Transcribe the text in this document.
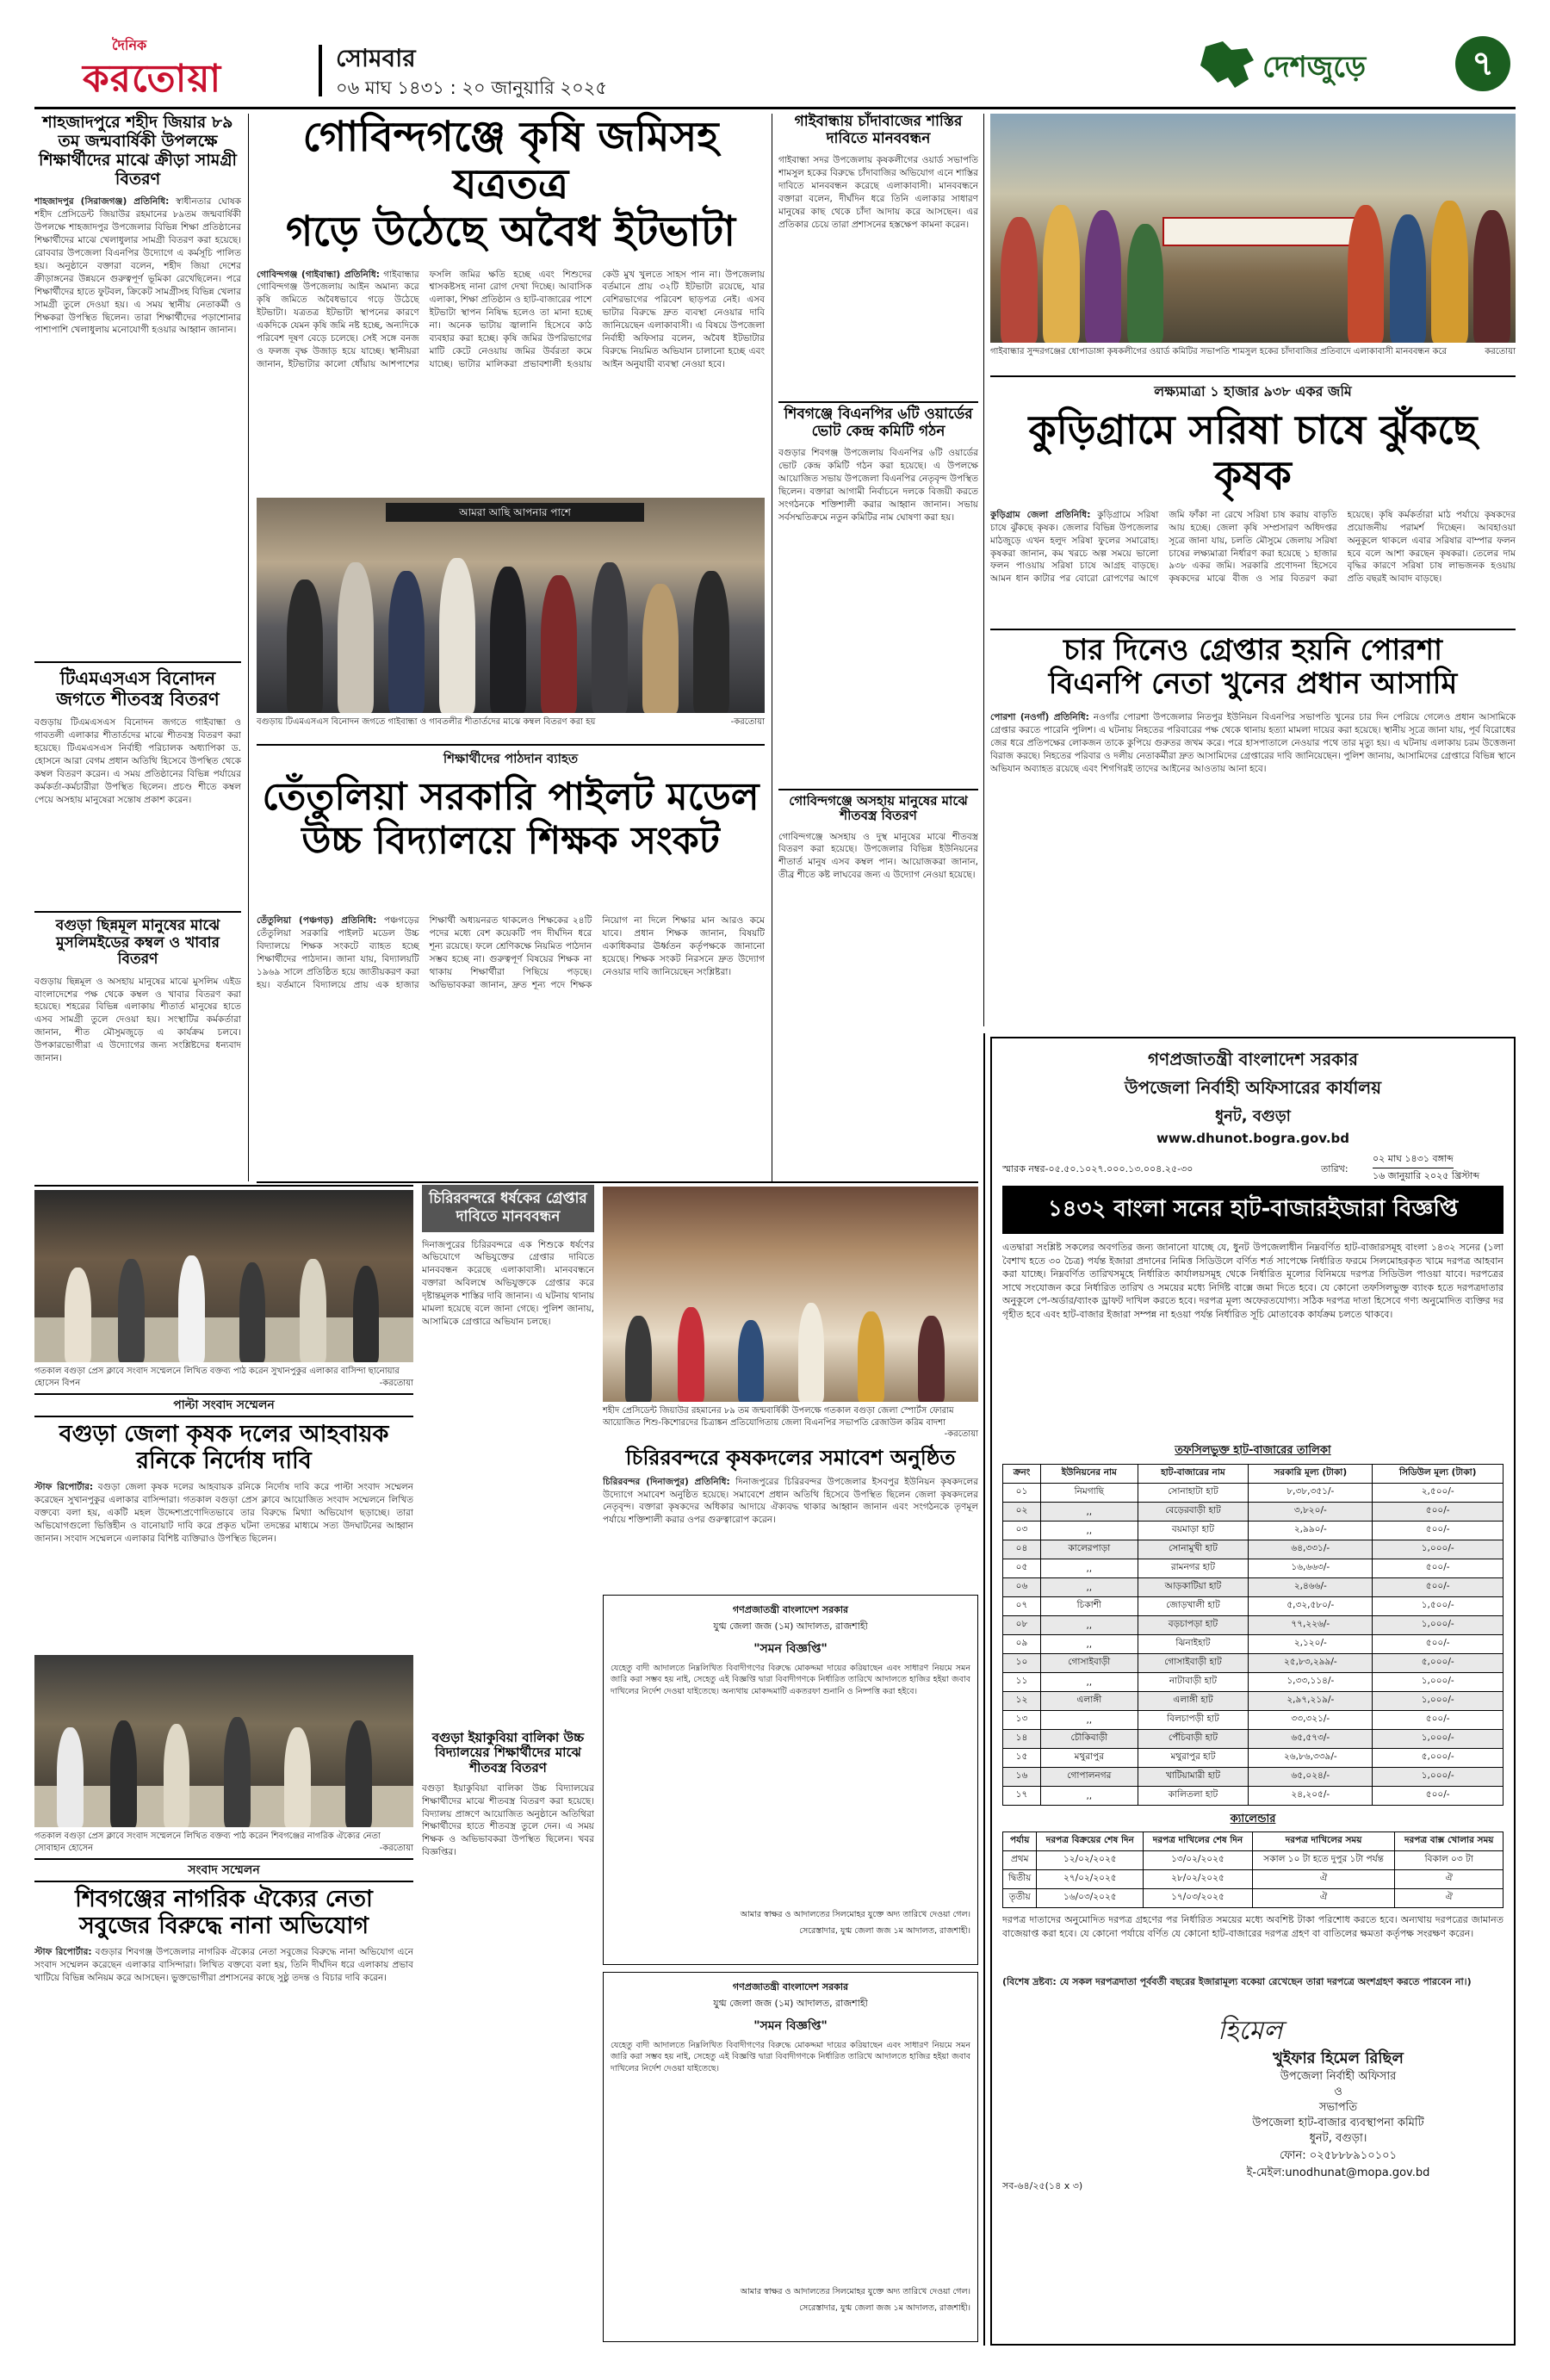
দৈনিক
করতোয়া	সোমবার
০৬ মাঘ ১৪৩১ : ২০ জানুয়ারি ২০২৫
দেশজুড়ে	৭
শাহজাদপুরে শহীদ জিয়ার ৮৯ তম জন্মবার্ষিকী উপলক্ষে শিক্ষার্থীদের মাঝে ক্রীড়া সামগ্রী বিতরণ
শাহজাদপুর (সিরাজগঞ্জ) প্রতিনিধি: স্বাধীনতার ঘোষক শহীদ প্রেসিডেন্ট জিয়াউর রহমানের ৮৯তম জন্মবার্ষিকী উপলক্ষে শাহজাদপুর উপজেলার বিভিন্ন শিক্ষা প্রতিষ্ঠানের শিক্ষার্থীদের মাঝে খেলাধুলার সামগ্রী বিতরণ করা হয়েছে। রোববার উপজেলা বিএনপির উদ্যোগে এ কর্মসূচি পালিত হয়। অনুষ্ঠানে বক্তারা বলেন, শহীদ জিয়া দেশের ক্রীড়াঙ্গনের উন্নয়নে গুরুত্বপূর্ণ ভূমিকা রেখেছিলেন। পরে শিক্ষার্থীদের হাতে ফুটবল, ক্রিকেট সামগ্রীসহ বিভিন্ন খেলার সামগ্রী তুলে দেওয়া হয়। এ সময় স্থানীয় নেতাকর্মী ও শিক্ষকরা উপস্থিত ছিলেন। তারা শিক্ষার্থীদের পড়াশোনার পাশাপাশি খেলাধুলায় মনোযোগী হওয়ার আহ্বান জানান।
টিএমএসএস বিনোদন জগতে শীতবস্ত্র বিতরণ
বগুড়ায় টিএমএসএস বিনোদন জগতে গাইবান্ধা ও গাবতলী এলাকার শীতার্তদের মাঝে শীতবস্ত্র বিতরণ করা হয়েছে। টিএমএসএস নির্বাহী পরিচালক অধ্যাপিকা ড. হোসনে আরা বেগম প্রধান অতিথি হিসেবে উপস্থিত থেকে কম্বল বিতরণ করেন। এ সময় প্রতিষ্ঠানের বিভিন্ন পর্যায়ের কর্মকর্তা-কর্মচারীরা উপস্থিত ছিলেন। প্রচণ্ড শীতে কম্বল পেয়ে অসহায় মানুষেরা সন্তোষ প্রকাশ করেন।
বগুড়া ছিন্নমূল মানুষের মাঝে মুসলিমইডের কম্বল ও খাবার বিতরণ
বগুড়ায় ছিন্নমূল ও অসহায় মানুষের মাঝে মুসলিম এইড বাংলাদেশের পক্ষ থেকে কম্বল ও খাবার বিতরণ করা হয়েছে। শহরের বিভিন্ন এলাকায় শীতার্ত মানুষের হাতে এসব সামগ্রী তুলে দেওয়া হয়। সংস্থাটির কর্মকর্তারা জানান, শীত মৌসুমজুড়ে এ কার্যক্রম চলবে। উপকারভোগীরা এ উদ্যোগের জন্য সংশ্লিষ্টদের ধন্যবাদ জানান।
গোবিন্দগঞ্জে কৃষি জমিসহ যত্রতত্র
গড়ে উঠেছে অবৈধ ইটভাটা
গোবিন্দগঞ্জ (গাইবান্ধা) প্রতিনিধি: গাইবান্ধার গোবিন্দগঞ্জ উপজেলায় আইন অমান্য করে কৃষি জমিতে অবৈধভাবে গড়ে উঠেছে ইটভাটা। যত্রতত্র ইটভাটা স্থাপনের কারণে একদিকে যেমন কৃষি জমি নষ্ট হচ্ছে, অন্যদিকে পরিবেশ দূষণ বেড়ে চলেছে। সেই সঙ্গে বনজ ও ফলজ বৃক্ষ উজাড় হয়ে যাচ্ছে। স্থানীয়রা জানান, ইটভাটার কালো ধোঁয়ায় আশপাশের ফসলি জমির ক্ষতি হচ্ছে এবং শিশুদের শ্বাসকষ্টসহ নানা রোগ দেখা দিচ্ছে। আবাসিক এলাকা, শিক্ষা প্রতিষ্ঠান ও হাট-বাজারের পাশে ইটভাটা স্থাপন নিষিদ্ধ হলেও তা মানা হচ্ছে না। অনেক ভাটায় জ্বালানি হিসেবে কাঠ ব্যবহার করা হচ্ছে। কৃষি জমির উপরিভাগের মাটি কেটে নেওয়ায় জমির উর্বরতা কমে যাচ্ছে। ভাটার মালিকরা প্রভাবশালী হওয়ায় কেউ মুখ খুলতে সাহস পান না। উপজেলায় বর্তমানে প্রায় ৩২টি ইটভাটা রয়েছে, যার বেশিরভাগের পরিবেশ ছাড়পত্র নেই। এসব ভাটার বিরুদ্ধে দ্রুত ব্যবস্থা নেওয়ার দাবি জানিয়েছেন এলাকাবাসী। এ বিষয়ে উপজেলা নির্বাহী অফিসার বলেন, অবৈধ ইটভাটার বিরুদ্ধে নিয়মিত অভিযান চালানো হচ্ছে এবং আইন অনুযায়ী ব্যবস্থা নেওয়া হবে।
আমরা আছি আপনার পাশে
বগুড়ায় টিএমএসএস বিনোদন জগতে গাইবান্ধা ও গাবতলীর শীতার্তদের মাঝে কম্বল বিতরণ করা হয়	-করতোয়া
শিক্ষার্থীদের পাঠদান ব্যাহত
তেঁতুলিয়া সরকারি পাইলট মডেল
উচ্চ বিদ্যালয়ে শিক্ষক সংকট
তেঁতুলিয়া (পঞ্চগড়) প্রতিনিধি: পঞ্চগড়ের তেঁতুলিয়া সরকারি পাইলট মডেল উচ্চ বিদ্যালয়ে শিক্ষক সংকটে ব্যাহত হচ্ছে শিক্ষার্থীদের পাঠদান। জানা যায়, বিদ্যালয়টি ১৯৬৯ সালে প্রতিষ্ঠিত হয়ে জাতীয়করণ করা হয়। বর্তমানে বিদ্যালয়ে প্রায় এক হাজার শিক্ষার্থী অধ্যয়নরত থাকলেও শিক্ষকের ২৪টি পদের মধ্যে বেশ কয়েকটি পদ দীর্ঘদিন ধরে শূন্য রয়েছে। ফলে শ্রেণিকক্ষে নিয়মিত পাঠদান সম্ভব হচ্ছে না। গুরুত্বপূর্ণ বিষয়ের শিক্ষক না থাকায় শিক্ষার্থীরা পিছিয়ে পড়ছে। অভিভাবকরা জানান, দ্রুত শূন্য পদে শিক্ষক নিয়োগ না দিলে শিক্ষার মান আরও কমে যাবে। প্রধান শিক্ষক জানান, বিষয়টি একাধিকবার ঊর্ধ্বতন কর্তৃপক্ষকে জানানো হয়েছে। শিক্ষক সংকট নিরসনে দ্রুত উদ্যোগ নেওয়ার দাবি জানিয়েছেন সংশ্লিষ্টরা।
গাইবান্ধায় চাঁদাবাজের শাস্তির দাবিতে মানববন্ধন
গাইবান্ধা সদর উপজেলায় কৃষকলীগের ওয়ার্ড সভাপতি শামসুল হকের বিরুদ্ধে চাঁদাবাজির অভিযোগ এনে শাস্তির দাবিতে মানববন্ধন করেছে এলাকাবাসী। মানববন্ধনে বক্তারা বলেন, দীর্ঘদিন ধরে তিনি এলাকার সাধারণ মানুষের কাছ থেকে চাঁদা আদায় করে আসছেন। এর প্রতিকার চেয়ে তারা প্রশাসনের হস্তক্ষেপ কামনা করেন।
শিবগঞ্জে বিএনপির ৬টি ওয়ার্ডের ভোট কেন্দ্র কমিটি গঠন
বগুড়ার শিবগঞ্জ উপজেলায় বিএনপির ৬টি ওয়ার্ডের ভোট কেন্দ্র কমিটি গঠন করা হয়েছে। এ উপলক্ষে আয়োজিত সভায় উপজেলা বিএনপির নেতৃবৃন্দ উপস্থিত ছিলেন। বক্তারা আগামী নির্বাচনে দলকে বিজয়ী করতে সংগঠনকে শক্তিশালী করার আহ্বান জানান। সভায় সর্বসম্মতিক্রমে নতুন কমিটির নাম ঘোষণা করা হয়।
গোবিন্দগঞ্জে অসহায় মানুষের মাঝে শীতবস্ত্র বিতরণ
গোবিন্দগঞ্জে অসহায় ও দুস্থ মানুষের মাঝে শীতবস্ত্র বিতরণ করা হয়েছে। উপজেলার বিভিন্ন ইউনিয়নের শীতার্ত মানুষ এসব কম্বল পান। আয়োজকরা জানান, তীব্র শীতে কষ্ট লাঘবের জন্য এ উদ্যোগ নেওয়া হয়েছে।
গাইবান্ধার সুন্দরগঞ্জের ধোপাডাঙ্গা কৃষকলীগের ওয়ার্ড কমিটির সভাপতি শামসুল হকের চাঁদাবাজির প্রতিবাদে এলাকাবাসী মানববন্ধন করে	করতোয়া
লক্ষ্যমাত্রা ১ হাজার ৯৩৮ একর জমি
কুড়িগ্রামে সরিষা চাষে ঝুঁকছে কৃষক
কুড়িগ্রাম জেলা প্রতিনিধি: কুড়িগ্রামে সরিষা চাষে ঝুঁকছে কৃষক। জেলার বিভিন্ন উপজেলার মাঠজুড়ে এখন হলুদ সরিষা ফুলের সমারোহ। কৃষকরা জানান, কম খরচে অল্প সময়ে ভালো ফলন পাওয়ায় সরিষা চাষে আগ্রহ বাড়ছে। আমন ধান কাটার পর বোরো রোপণের আগে জমি ফাঁকা না রেখে সরিষা চাষ করায় বাড়তি আয় হচ্ছে। জেলা কৃষি সম্প্রসারণ অধিদপ্তর সূত্রে জানা যায়, চলতি মৌসুমে জেলায় সরিষা চাষের লক্ষ্যমাত্রা নির্ধারণ করা হয়েছে ১ হাজার ৯৩৮ একর জমি। সরকারি প্রণোদনা হিসেবে কৃষকদের মাঝে বীজ ও সার বিতরণ করা হয়েছে। কৃষি কর্মকর্তারা মাঠ পর্যায়ে কৃষকদের প্রয়োজনীয় পরামর্শ দিচ্ছেন। আবহাওয়া অনুকূলে থাকলে এবার সরিষার বাম্পার ফলন হবে বলে আশা করছেন কৃষকরা। তেলের দাম বৃদ্ধির কারণে সরিষা চাষ লাভজনক হওয়ায় প্রতি বছরই আবাদ বাড়ছে।
চার দিনেও গ্রেপ্তার হয়নি পোরশা
বিএনপি নেতা খুনের প্রধান আসামি
পোরশা (নওগাঁ) প্রতিনিধি: নওগাঁর পোরশা উপজেলার নিতপুর ইউনিয়ন বিএনপির সভাপতি খুনের চার দিন পেরিয়ে গেলেও প্রধান আসামিকে গ্রেপ্তার করতে পারেনি পুলিশ। এ ঘটনায় নিহতের পরিবারের পক্ষ থেকে থানায় হত্যা মামলা দায়ের করা হয়েছে। স্থানীয় সূত্রে জানা যায়, পূর্ব বিরোধের জের ধরে প্রতিপক্ষের লোকজন তাকে কুপিয়ে গুরুতর জখম করে। পরে হাসপাতালে নেওয়ার পথে তার মৃত্যু হয়। এ ঘটনায় এলাকায় চরম উত্তেজনা বিরাজ করছে। নিহতের পরিবার ও দলীয় নেতাকর্মীরা দ্রুত আসামিদের গ্রেপ্তারের দাবি জানিয়েছেন। পুলিশ জানায়, আসামিদের গ্রেপ্তারে বিভিন্ন স্থানে অভিযান অব্যাহত রয়েছে এবং শিগগিরই তাদের আইনের আওতায় আনা হবে।
চিরিরবন্দরে ধর্ষকের গ্রেপ্তার দাবিতে মানববন্ধন
দিনাজপুরের চিরিরবন্দরে এক শিশুকে ধর্ষণের অভিযোগে অভিযুক্তের গ্রেপ্তার দাবিতে মানববন্ধন করেছে এলাকাবাসী। মানববন্ধনে বক্তারা অবিলম্বে অভিযুক্তকে গ্রেপ্তার করে দৃষ্টান্তমূলক শাস্তির দাবি জানান। এ ঘটনায় থানায় মামলা হয়েছে বলে জানা গেছে। পুলিশ জানায়, আসামিকে গ্রেপ্তারে অভিযান চলছে।
গতকাল বগুড়া প্রেস ক্লাবে সংবাদ সম্মেলনে লিখিত বক্তব্য পাঠ করেন সুখানপুকুর এলাকার বাসিন্দা ছানোয়ার হোসেন বিপন	-করতোয়া
পাল্টা সংবাদ সম্মেলন
বগুড়া জেলা কৃষক দলের আহবায়ক
রনিকে নির্দোষ দাবি
স্টাফ রিপোর্টার: বগুড়া জেলা কৃষক দলের আহবায়ক রনিকে নির্দোষ দাবি করে পাল্টা সংবাদ সম্মেলন করেছেন সুখানপুকুর এলাকার বাসিন্দারা। গতকাল বগুড়া প্রেস ক্লাবে আয়োজিত সংবাদ সম্মেলনে লিখিত বক্তব্যে বলা হয়, একটি মহল উদ্দেশ্যপ্রণোদিতভাবে তার বিরুদ্ধে মিথ্যা অভিযোগ ছড়াচ্ছে। তারা অভিযোগগুলো ভিত্তিহীন ও বানোয়াট দাবি করে প্রকৃত ঘটনা তদন্তের মাধ্যমে সত্য উদঘাটনের আহ্বান জানান। সংবাদ সম্মেলনে এলাকার বিশিষ্ট ব্যক্তিরাও উপস্থিত ছিলেন।
গতকাল বগুড়া প্রেস ক্লাবে সংবাদ সম্মেলনে লিখিত বক্তব্য পাঠ করেন শিবগঞ্জের নাগরিক ঐক্যের নেতা সোবাহান হোসেন	-করতোয়া
সংবাদ সম্মেলন
শিবগঞ্জের নাগরিক ঐক্যের নেতা
সবুজের বিরুদ্ধে নানা অভিযোগ
স্টাফ রিপোর্টার: বগুড়ার শিবগঞ্জ উপজেলার নাগরিক ঐক্যের নেতা সবুজের বিরুদ্ধে নানা অভিযোগ এনে সংবাদ সম্মেলন করেছেন এলাকার বাসিন্দারা। লিখিত বক্তব্যে বলা হয়, তিনি দীর্ঘদিন ধরে এলাকায় প্রভাব খাটিয়ে বিভিন্ন অনিয়ম করে আসছেন। ভুক্তভোগীরা প্রশাসনের কাছে সুষ্ঠু তদন্ত ও বিচার দাবি করেন।
বগুড়া ইয়াকুবিয়া বালিকা উচ্চ বিদ্যালয়ের শিক্ষার্থীদের মাঝে শীতবস্ত্র বিতরণ
বগুড়া ইয়াকুবিয়া বালিকা উচ্চ বিদ্যালয়ের শিক্ষার্থীদের মাঝে শীতবস্ত্র বিতরণ করা হয়েছে। বিদ্যালয় প্রাঙ্গণে আয়োজিত অনুষ্ঠানে অতিথিরা শিক্ষার্থীদের হাতে শীতবস্ত্র তুলে দেন। এ সময় শিক্ষক ও অভিভাবকরা উপস্থিত ছিলেন। খবর বিজ্ঞপ্তির।
শহীদ প্রেসিডেন্ট জিয়াউর রহমানের ৮৯ তম জন্মবার্ষিকী উপলক্ষে গতকাল বগুড়া জেলা স্পোর্টস ফোরাম আয়োজিত শিশু-কিশোরদের চিত্রাঙ্কন প্রতিযোগিতায় জেলা বিএনপির সভাপতি রেজাউল করিম বাদশা
-করতোয়া
চিরিরবন্দরে কৃষকদলের সমাবেশ অনুষ্ঠিত
চিরিরবন্দর (দিনাজপুর) প্রতিনিধি: দিনাজপুরের চিরিরবন্দর উপজেলার ইসবপুর ইউনিয়ন কৃষকদলের উদ্যোগে সমাবেশ অনুষ্ঠিত হয়েছে। সমাবেশে প্রধান অতিথি হিসেবে উপস্থিত ছিলেন জেলা কৃষকদলের নেতৃবৃন্দ। বক্তারা কৃষকদের অধিকার আদায়ে ঐক্যবদ্ধ থাকার আহ্বান জানান এবং সংগঠনকে তৃণমূল পর্যায়ে শক্তিশালী করার ওপর গুরুত্বারোপ করেন।
গণপ্রজাতন্ত্রী বাংলাদেশ সরকার
যুগ্ম জেলা জজ (১ম) আদালত, রাজশাহী
"সমন বিজ্ঞপ্তি"
যেহেতু বাদী আদালতে নিম্নলিখিত বিবাদীগণের বিরুদ্ধে মোকদ্দমা দায়ের করিয়াছেন এবং সাধারণ নিয়মে সমন জারি করা সম্ভব হয় নাই, সেহেতু এই বিজ্ঞপ্তি দ্বারা বিবাদীগণকে নির্ধারিত তারিখে আদালতে হাজির হইয়া জবাব দাখিলের নির্দেশ দেওয়া যাইতেছে। অন্যথায় মোকদ্দমাটি একতরফা শুনানি ও নিষ্পত্তি করা হইবে।
আমার স্বাক্ষর ও আদালতের সিলমোহর যুক্তে অদ্য তারিখে দেওয়া গেল।
সেরেস্তাদার, যুগ্ম জেলা জজ ১ম আদালত, রাজশাহী।
গণপ্রজাতন্ত্রী বাংলাদেশ সরকার
যুগ্ম জেলা জজ (১ম) আদালত, রাজশাহী
"সমন বিজ্ঞপ্তি"
যেহেতু বাদী আদালতে নিম্নলিখিত বিবাদীগণের বিরুদ্ধে মোকদ্দমা দায়ের করিয়াছেন এবং সাধারণ নিয়মে সমন জারি করা সম্ভব হয় নাই, সেহেতু এই বিজ্ঞপ্তি দ্বারা বিবাদীগণকে নির্ধারিত তারিখে আদালতে হাজির হইয়া জবাব দাখিলের নির্দেশ দেওয়া যাইতেছে।
আমার স্বাক্ষর ও আদালতের সিলমোহর যুক্তে অদ্য তারিখে দেওয়া গেল।
সেরেস্তাদার, যুগ্ম জেলা জজ ১ম আদালত, রাজশাহী।
গণপ্রজাতন্ত্রী বাংলাদেশ সরকার
উপজেলা নির্বাহী অফিসারের কার্যালয়
ধুনট, বগুড়া
www.dhunot.bogra.gov.bd
স্মারক নম্বর-০৫.৫০.১০২৭.০০০.১৩.০০৪.২৫-৩০	তারিখ:
০২ মাঘ ১৪৩১ বঙ্গাব্দ
১৬ জানুয়ারি ২০২৫ খ্রিস্টাব্দ
১৪৩২ বাংলা সনের হাট-বাজারইজারা বিজ্ঞপ্তি
এতদ্বারা সংশ্লিষ্ট সকলের অবগতির জন্য জানানো যাচ্ছে যে, ধুনট উপজেলাধীন নিম্নবর্ণিত হাট-বাজারসমূহ বাংলা ১৪৩২ সনের (১লা বৈশাখ হতে ৩০ চৈত্র) পর্যন্ত ইজারা প্রদানের নিমিত্ত সিডিউলে বর্ণিত শর্ত সাপেক্ষে নির্ধারিত ফরমে সিলমোহরকৃত খামে দরপত্র আহবান করা যাচ্ছে। নিম্নবর্ণিত তারিখসমূহে নির্ধারিত কার্যালয়সমূহ থেকে নির্ধারিত মূল্যের বিনিময়ে দরপত্র সিডিউল পাওয়া যাবে। দরপত্রের সাথে সংযোজন করে নির্ধারিত তারিখ ও সময়ের মধ্যে নির্দিষ্ট বাক্সে জমা দিতে হবে। যে কোনো তফসিলভুক্ত ব্যাংক হতে দরপত্রদাতার অনুকূলে পে-অর্ডার/ব্যাংক ড্রাফট দাখিল করতে হবে। দরপত্র মূল্য অফেরতযোগ্য। সঠিক দরপত্র দাতা হিসেবে গণ্য অনুমোদিত ব্যক্তির দর গৃহীত হবে এবং হাট-বাজার ইজারা সম্পন্ন না হওয়া পর্যন্ত নির্ধারিত সূচি মোতাবেক কার্যক্রম চলতে থাকবে।
তফসিলভুক্ত হাট-বাজারের তালিকা
ক্রনং	ইউনিয়নের নাম	হাট-বাজারের নাম	সরকারি মূল্য (টাকা)	সিডিউল মূল্য (টাকা)
০১	নিমগাছি	সোনাহাটা হাট	৮,৩৮,৩৫১/-	২,৫০০/-
০২	,,	বেড়েরবাড়ী হাট	৩,৮২০/-	৫০০/-
০৩	,,	বয়মাড়া হাট	২,৯৯০/-	৫০০/-
০৪	কালেরপাড়া	সোনামুখী হাট	৬৪,৩৩১/-	১,০০০/-
০৫	,,	রামনগর হাট	১৬,৬৬৩/-	৫০০/-
০৬	,,	আড়কাটিয়া হাট	২,৪৬৬/-	৫০০/-
০৭	চিকাশী	জোড়খালী হাট	৫,৩২,৫৮০/-	১,৫০০/-
০৮	,,	বড়চাপড়া হাট	৭৭,২২৬/-	১,০০০/-
০৯	,,	ঝিনাইহাট	২,১২০/-	৫০০/-
১০	গোসাইবাড়ী	গোসাইবাড়ী হাট	২৫,৮৩,২৯৯/-	৫,০০০/-
১১	,,	নাটাবাড়ী হাট	১,৩৩,১১৪/-	১,০০০/-
১২	এলাঙ্গী	এলাঙ্গী হাট	২,৯৭,২১৯/-	১,০০০/-
১৩	,,	বিলচাপড়ী হাট	৩৩,৩২১/-	৫০০/-
১৪	চৌকিবাড়ী	পেঁচিবাড়ী হাট	৬৫,৫৭৩/-	১,০০০/-
১৫	মথুরাপুর	মথুরাপুর হাট	২৬,৮৬,৩৩৯/-	৫,০০০/-
১৬	গোপালনগর	খাটিয়ামারী হাট	৬৫,০২৪/-	১,০০০/-
১৭	,,	কালিতলা হাট	২৪,২০৫/-	৫০০/-
ক্যালেন্ডার
পর্যায়	দরপত্র বিক্রয়ের শেষ দিন	দরপত্র দাখিলের শেষ দিন	দরপত্র দাখিলের সময়	দরপত্র বাক্স খোলার সময়
প্রথম	১২/০২/২০২৫	১৩/০২/২০২৫	সকাল ১০ টা হতে দুপুর ১টা পর্যন্ত	বিকাল ০৩ টা
দ্বিতীয়	২৭/০২/২০২৫	২৮/০২/২০২৫	ঐ	ঐ
তৃতীয়	১৬/০৩/২০২৫	১৭/০৩/২০২৫	ঐ	ঐ
দরপত্র দাতাদের অনুমোদিত দরপত্র গ্রহণের পর নির্ধারিত সময়ের মধ্যে অবশিষ্ট টাকা পরিশোধ করতে হবে। অন্যথায় দরপত্রের জামানত বাজেয়াপ্ত করা হবে। যে কোনো পর্যায়ে বর্ণিত যে কোনো হাট-বাজারের দরপত্র গ্রহণ বা বাতিলের ক্ষমতা কর্তৃপক্ষ সংরক্ষণ করেন।
(বিশেষ দ্রষ্টব্য: যে সকল দরপত্রদাতা পূর্ববর্তী বছরের ইজারামূল্য বকেয়া রেখেছেন তারা দরপত্রে অংশগ্রহণ করতে পারবেন না।)
হিমেল
খুইফার হিমেল রিছিল
উপজেলা নির্বাহী অফিসার
ও
সভাপতি
উপজেলা হাট-বাজার ব্যবস্থাপনা কমিটি
ধুনট, বগুড়া।
ফোন: ০২৫৮৮৮৯১০১০১
ই-মেইল:unodhunat@mopa.gov.bd
সব-৬৪/২৫(১৪ x ৩)
